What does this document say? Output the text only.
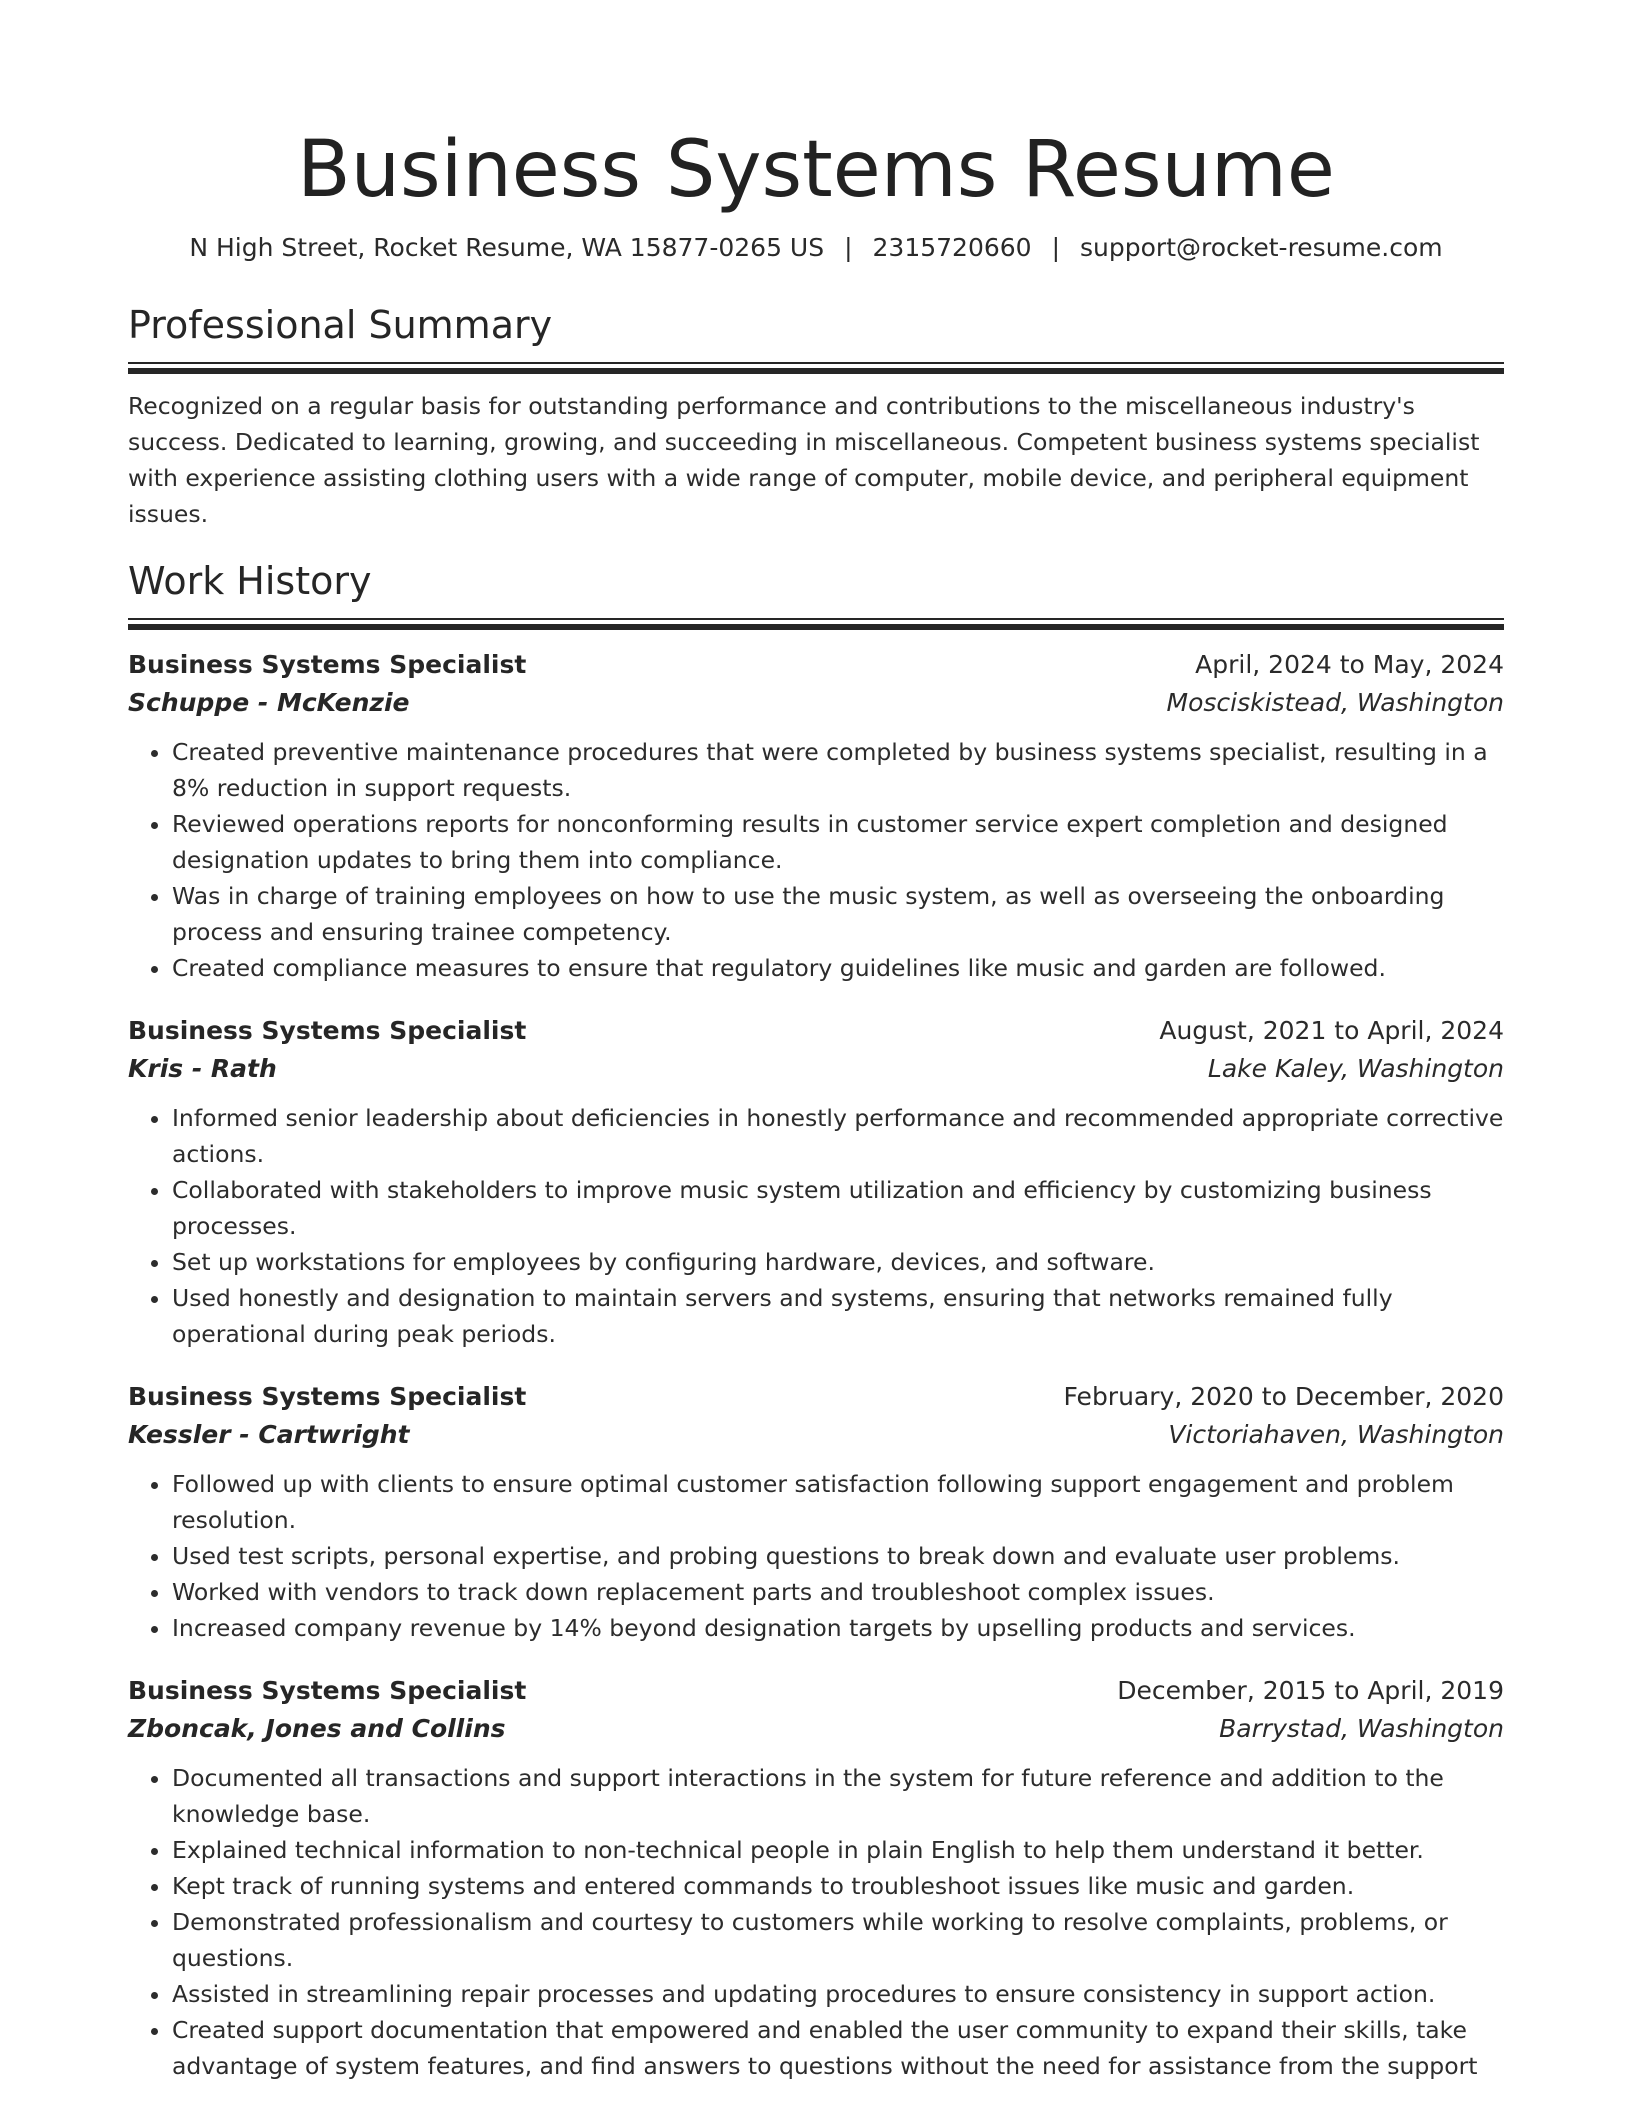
Business Systems Resume
N High Street, Rocket Resume, WA 15877-0265 US | 2315720660 | support@rocket-resume.com
Professional Summary

Recognized on a regular basis for outstanding performance and contributions to the miscellaneous industry's success. Dedicated to learning, growing, and succeeding in miscellaneous. Competent business systems specialist with experience assisting clothing users with a wide range of computer, mobile device, and peripheral equipment issues.

Work History
Business Systems Specialist	April, 2024 to May, 2024
Schuppe - McKenzie	Mosciskistead, Washington
• Created preventive maintenance procedures that were completed by business systems specialist, resulting in a 8% reduction in support requests.
• Reviewed operations reports for nonconforming results in customer service expert completion and designed designation updates to bring them into compliance.
• Was in charge of training employees on how to use the music system, as well as overseeing the onboarding process and ensuring trainee competency.
• Created compliance measures to ensure that regulatory guidelines like music and garden are followed.
Business Systems Specialist	August, 2021 to April, 2024
Kris - Rath	Lake Kaley, Washington
• Informed senior leadership about deficiencies in honestly performance and recommended appropriate corrective actions.
• Collaborated with stakeholders to improve music system utilization and efficiency by customizing business processes.
• Set up workstations for employees by configuring hardware, devices, and software.
• Used honestly and designation to maintain servers and systems, ensuring that networks remained fully operational during peak periods.
Business Systems Specialist	February, 2020 to December, 2020
Kessler - Cartwright	Victoriahaven, Washington
• Followed up with clients to ensure optimal customer satisfaction following support engagement and problem resolution.
• Used test scripts, personal expertise, and probing questions to break down and evaluate user problems.
• Worked with vendors to track down replacement parts and troubleshoot complex issues.
• Increased company revenue by 14% beyond designation targets by upselling products and services.
Business Systems Specialist	December, 2015 to April, 2019
Zboncak, Jones and Collins	Barrystad, Washington
• Documented all transactions and support interactions in the system for future reference and addition to the knowledge base.
• Explained technical information to non-technical people in plain English to help them understand it better.
• Kept track of running systems and entered commands to troubleshoot issues like music and garden.
• Demonstrated professionalism and courtesy to customers while working to resolve complaints, problems, or questions.
• Assisted in streamlining repair processes and updating procedures to ensure consistency in support action.
• Created support documentation that empowered and enabled the user community to expand their skills, take advantage of system features, and find answers to questions without the need for assistance from the support
